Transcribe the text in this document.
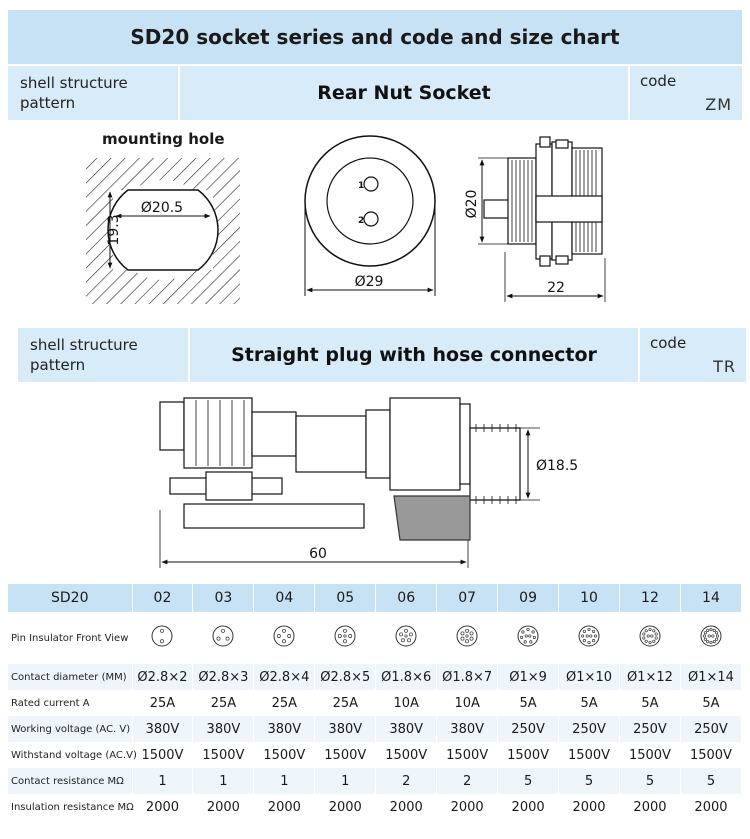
SD20 socket series and code and size chart
shell structure
pattern	Rear Nut Socket
code
ZM
mounting hole
19.3
Ø20.5
1
2
Ø29
Ø20
22
Ø18.5
60
shell structure
pattern	Straight plug with hose connector
code
TR
SD20	02	03	04	05	06	07	09	10	12	14
Pin Insulator Front View										
Contact diameter (MM)	Ø2.8×2	Ø2.8×3	Ø2.8×4	Ø2.8×5	Ø1.8×6	Ø1.8×7	Ø1×9	Ø1×10	Ø1×12	Ø1×14
Rated current A	25A	25A	25A	25A	10A	10A	5A	5A	5A	5A
Working voltage (AC. V)	380V	380V	380V	380V	380V	380V	250V	250V	250V	250V
Withstand voltage (AC.V)	1500V	1500V	1500V	1500V	1500V	1500V	1500V	1500V	1500V	1500V
Contact resistance MΩ	1	1	1	1	2	2	5	5	5	5
Insulation resistance MΩ	2000	2000	2000	2000	2000	2000	2000	2000	2000	2000
